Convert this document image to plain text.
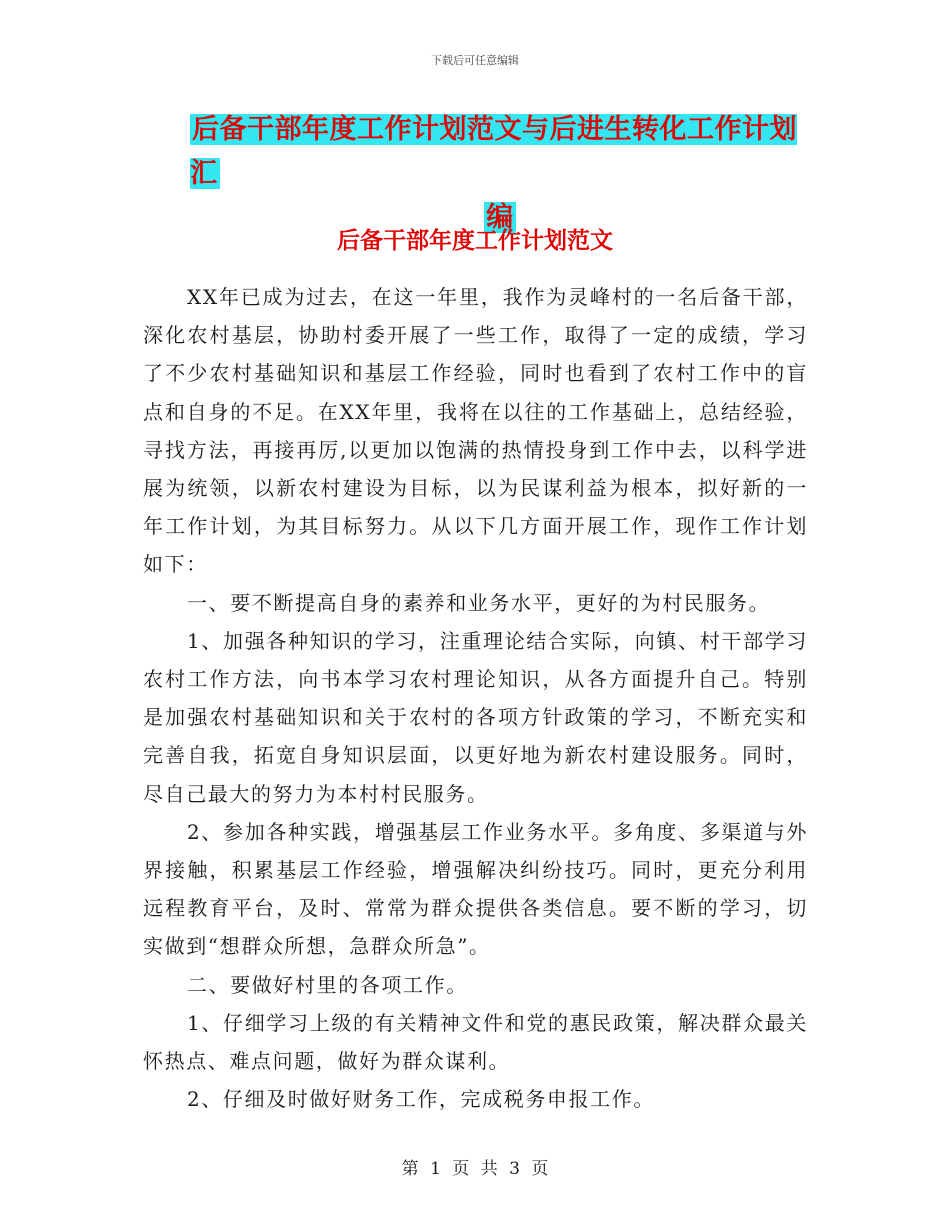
下载后可任意编辑
后备干部年度工作计划范文与后进生转化工作计划汇
编
后备干部年度工作计划范文

XX年已成为过去，在这一年里，我作为灵峰村的一名后备干部，深化农村基层，协助村委开展了一些工作，取得了一定的成绩，学习了不少农村基础知识和基层工作经验，同时也看到了农村工作中的盲点和自身的不足。在XX年里，我将在以往的工作基础上，总结经验，寻找方法，再接再厉,以更加以饱满的热情投身到工作中去，以科学进展为统领，以新农村建设为目标，以为民谋利益为根本，拟好新的一年工作计划，为其目标努力。从以下几方面开展工作，现作工作计划如下：

一、要不断提高自身的素养和业务水平，更好的为村民服务。

1、加强各种知识的学习，注重理论结合实际，向镇、村干部学习农村工作方法，向书本学习农村理论知识，从各方面提升自己。特别是加强农村基础知识和关于农村的各项方针政策的学习，不断充实和完善自我，拓宽自身知识层面，以更好地为新农村建设服务。同时，尽自己最大的努力为本村村民服务。

2、参加各种实践，增强基层工作业务水平。多角度、多渠道与外界接触，积累基层工作经验，增强解决纠纷技巧。同时，更充分利用远程教育平台，及时、常常为群众提供各类信息。要不断的学习，切实做到“想群众所想，急群众所急”。

二、要做好村里的各项工作。

1、仔细学习上级的有关精神文件和党的惠民政策，解决群众最关怀热点、难点问题，做好为群众谋利。

2、仔细及时做好财务工作，完成税务申报工作。

第 1 页 共 3 页
